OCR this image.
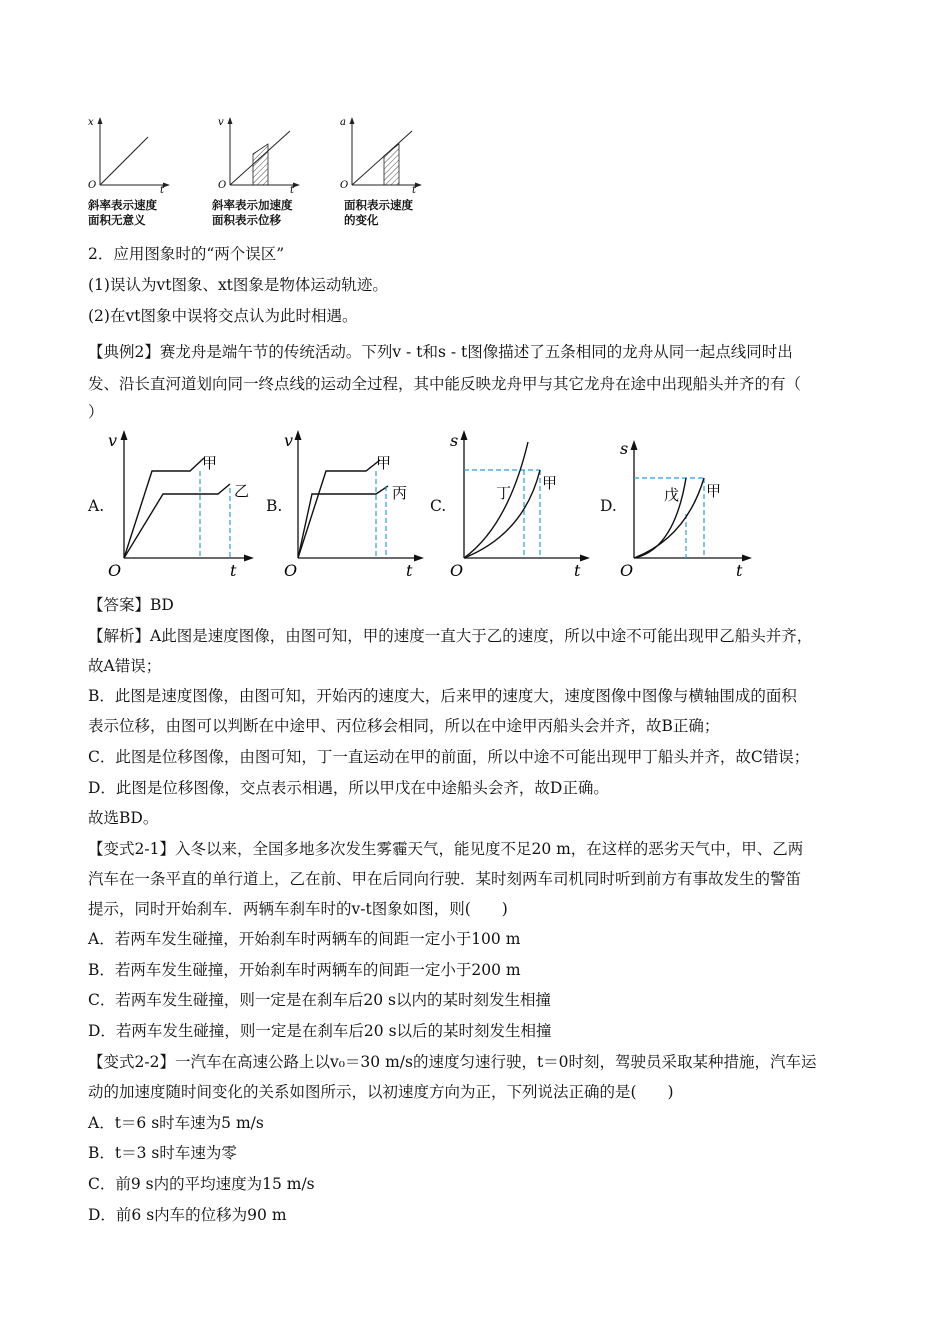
x
t
O
斜率表示速度
面积无意义
v
t
O
斜率表示加速度
面积表示位移
a
t
O
面积表示速度
的变化
2．应用图象时的“两个误区”
(1)误认为vt图象、xt图象是物体运动轨迹。
(2)在vt图象中误将交点认为此时相遇。
【典例2】赛龙舟是端午节的传统活动。下列v - t和s - t图像描述了五条相同的龙舟从同一起点线同时出
发、沿长直河道划向同一终点线的运动全过程，其中能反映龙舟甲与其它龙舟在途中出现船头并齐的有（
）
A.
v
t
O
甲
乙
B.
v
t
O
甲
丙
C.
s
t
O
丁
甲
D.
s
t
O
戊 甲
【答案】BD
【解析】A此图是速度图像，由图可知，甲的速度一直大于乙的速度，所以中途不可能出现甲乙船头并齐，
故A错误；
B．此图是速度图像，由图可知，开始丙的速度大，后来甲的速度大，速度图像中图像与横轴围成的面积
表示位移，由图可以判断在中途甲、丙位移会相同，所以在中途甲丙船头会并齐，故B正确；
C．此图是位移图像，由图可知，丁一直运动在甲的前面，所以中途不可能出现甲丁船头并齐，故C错误；
D．此图是位移图像，交点表示相遇，所以甲戊在中途船头会齐，故D正确。
故选BD。
【变式2-1】入冬以来，全国多地多次发生雾霾天气，能见度不足20 m，在这样的恶劣天气中，甲、乙两
汽车在一条平直的单行道上，乙在前、甲在后同向行驶．某时刻两车司机同时听到前方有事故发生的警笛
提示，同时开始刹车．两辆车刹车时的v-t图象如图，则(　　)
A．若两车发生碰撞，开始刹车时两辆车的间距一定小于100 m
B．若两车发生碰撞，开始刹车时两辆车的间距一定小于200 m
C．若两车发生碰撞，则一定是在刹车后20 s以内的某时刻发生相撞
D．若两车发生碰撞，则一定是在刹车后20 s以后的某时刻发生相撞
【变式2-2】一汽车在高速公路上以v₀＝30 m/s的速度匀速行驶，t＝0时刻，驾驶员采取某种措施，汽车运
动的加速度随时间变化的关系如图所示，以初速度方向为正，下列说法正确的是(　　)
A．t＝6 s时车速为5 m/s
B．t＝3 s时车速为零
C．前9 s内的平均速度为15 m/s
D．前6 s内车的位移为90 m
